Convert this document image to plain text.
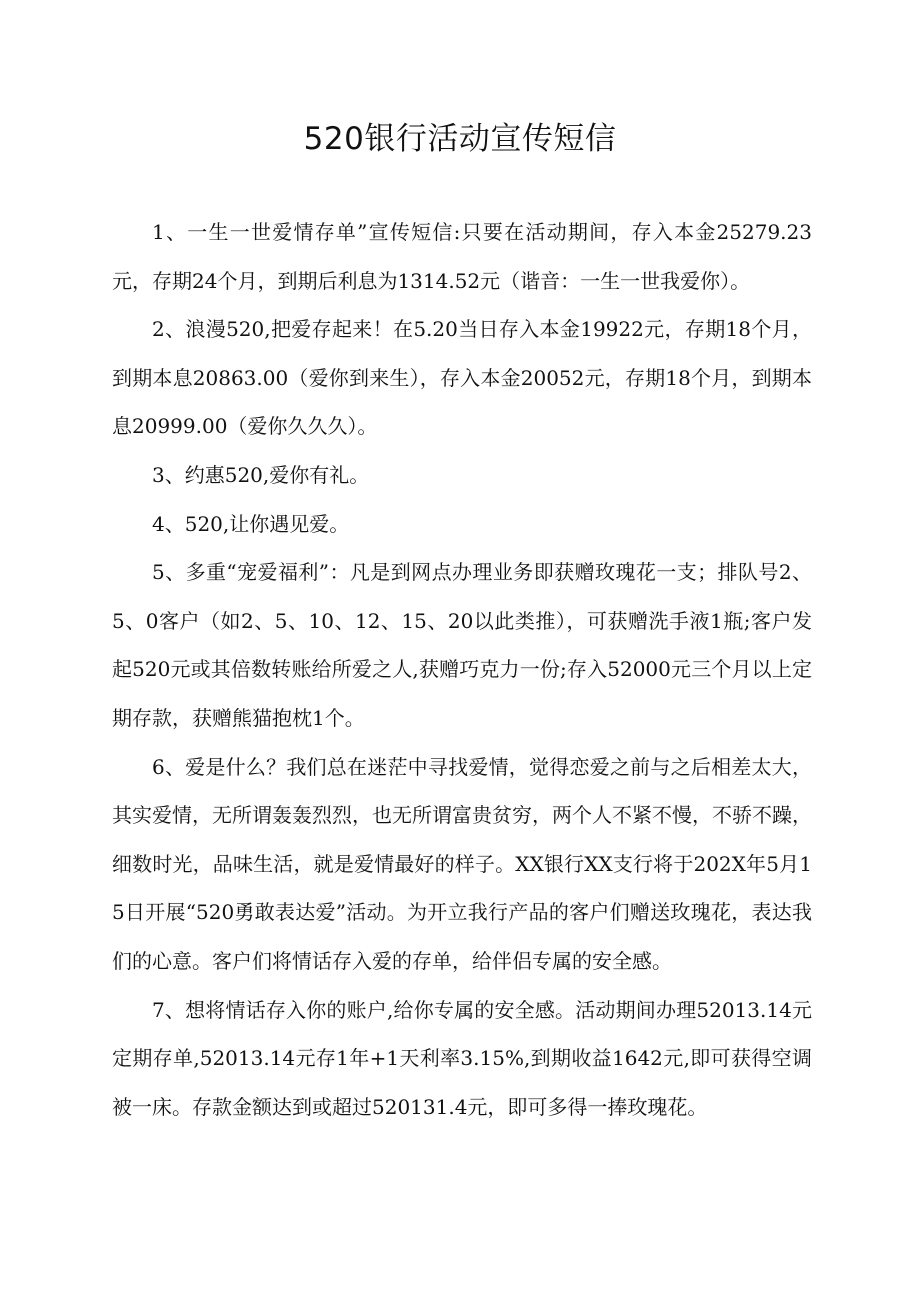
520银行活动宣传短信

1、一生一世爱情存单”宣传短信:只要在活动期间，存入本金25279.23元，存期24个月，到期后利息为1314.52元（谐音：一生一世我爱你）。

2、浪漫520,把爱存起来！在5.20当日存入本金19922元，存期18个月，到期本息20863.00（爱你到来生），存入本金20052元，存期18个月，到期本息20999.00（爱你久久久）。

3、约惠520,爱你有礼。

4、520,让你遇见爱。

5、多重“宠爱福利”：凡是到网点办理业务即获赠玫瑰花一支；排队号2、5、0客户（如2、5、10、12、15、20以此类推），可获赠洗手液1瓶;客户发起520元或其倍数转账给所爱之人,获赠巧克力一份;存入52000元三个月以上定期存款，获赠熊猫抱枕1个。

6、爱是什么？我们总在迷茫中寻找爱情，觉得恋爱之前与之后相差太大，其实爱情，无所谓轰轰烈烈，也无所谓富贵贫穷，两个人不紧不慢，不骄不躁，细数时光，品味生活，就是爱情最好的样子。XX银行XX支行将于202X年5月15日开展“520勇敢表达爱”活动。为开立我行产品的客户们赠送玫瑰花，表达我们的心意。客户们将情话存入爱的存单，给伴侣专属的安全感。

7、想将情话存入你的账户,给你专属的安全感。活动期间办理52013.14元定期存单,52013.14元存1年+1天利率3.15%,到期收益1642元,即可获得空调被一床。存款金额达到或超过520131.4元，即可多得一捧玫瑰花。
